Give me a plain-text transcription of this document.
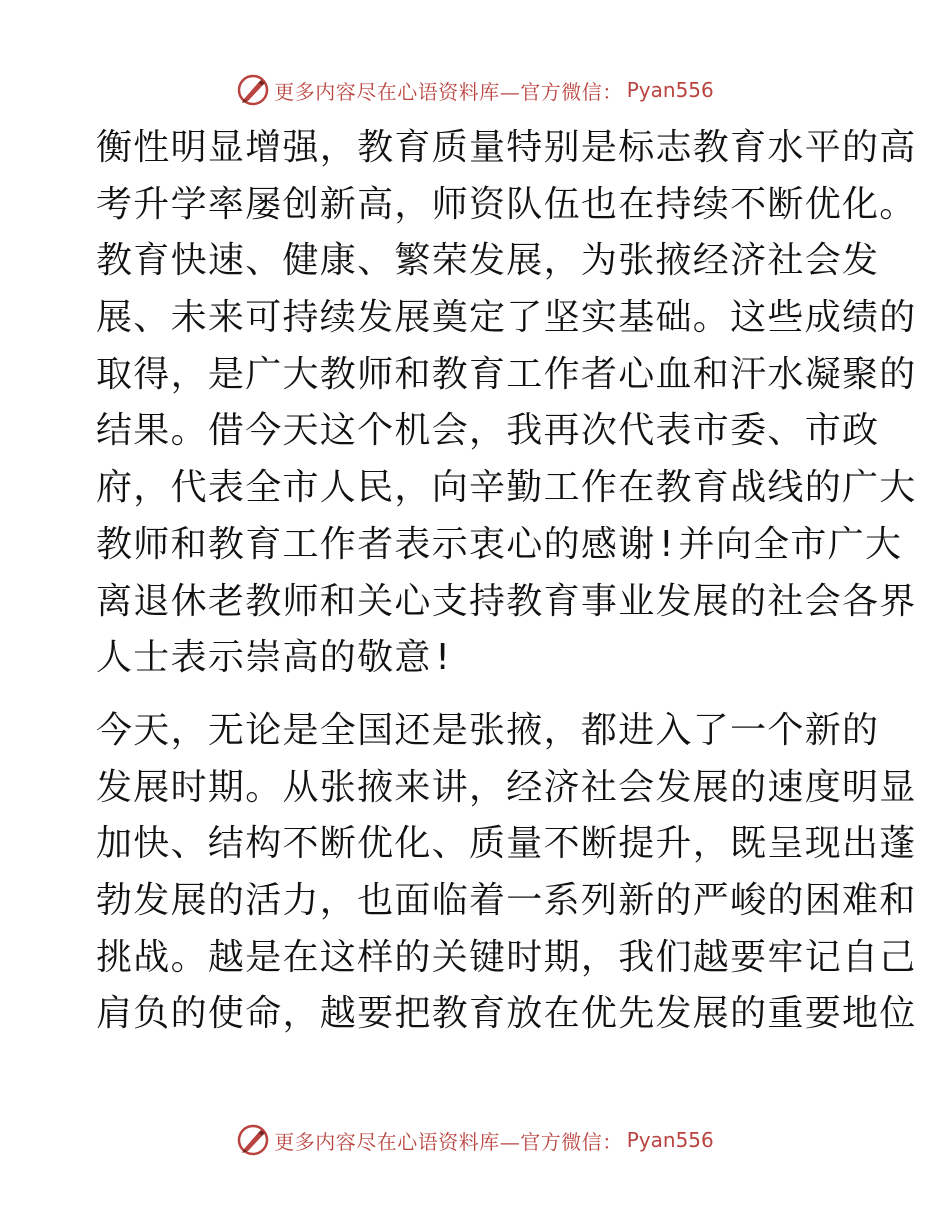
更多内容尽在心语资料库—官方微信： Pyan556
衡性明显增强，教育质量特别是标志教育水平的高
考升学率屡创新高，师资队伍也在持续不断优化。
教育快速、健康、繁荣发展，为张掖经济社会发
展、未来可持续发展奠定了坚实基础。这些成绩的
取得，是广大教师和教育工作者心血和汗水凝聚的
结果。借今天这个机会，我再次代表市委、市政
府，代表全市人民，向辛勤工作在教育战线的广大
教师和教育工作者表示衷心的感谢!并向全市广大
离退休老教师和关心支持教育事业发展的社会各界
人士表示崇高的敬意!
今天，无论是全国还是张掖，都进入了一个新的
发展时期。从张掖来讲，经济社会发展的速度明显
加快、结构不断优化、质量不断提升，既呈现出蓬
勃发展的活力，也面临着一系列新的严峻的困难和
挑战。越是在这样的关键时期，我们越要牢记自己
肩负的使命，越要把教育放在优先发展的重要地位
更多内容尽在心语资料库—官方微信： Pyan556
